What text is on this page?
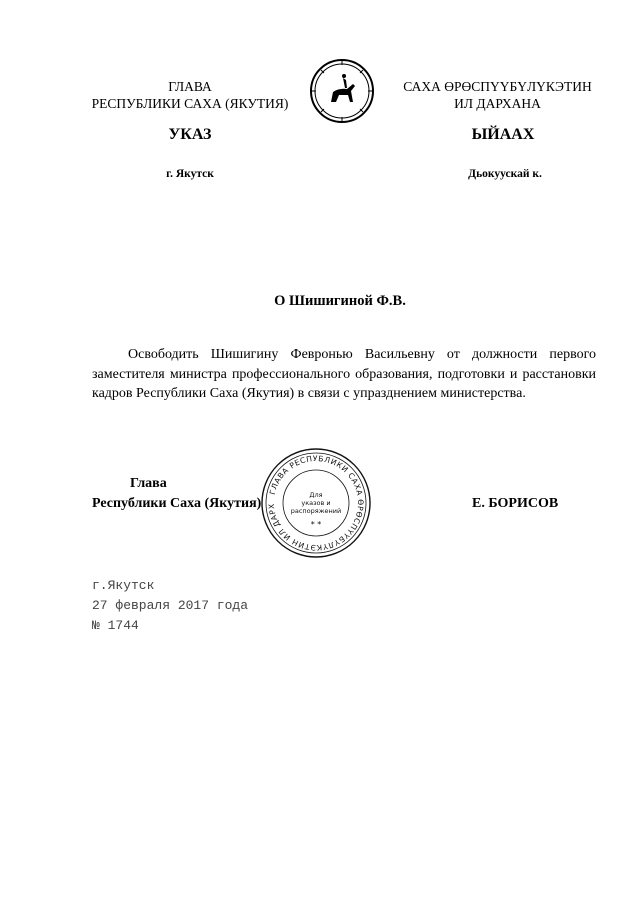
ГЛАВА
РЕСПУБЛИКИ САХА (ЯКУТИЯ)
САХА ӨРӨСПҮҮБҮЛҮКЭТИН
ИЛ ДАРХАНА
УКАЗ	ЫЙААХ
г. Якутск	Дьокуускай к.
О Шишигиной Ф.В.
Освободить Шишигину Февронью Васильевну от должности первого заместителя министра профессионального образования, подготовки и расстановки кадров Республики Саха (Якутия) в связи с упразднением министерства.
Глава
Республики Саха (Якутия)	Е. БОРИСОВ
ГЛАВА РЕСПУБЛИКИ САХА ӨРӨСПҮҮБҮЛҮКЭТИН ИЛ ДАРХ
Для
указов и
распоряжений
* *
г.Якутск
27 февраля 2017 года
№ 1744
